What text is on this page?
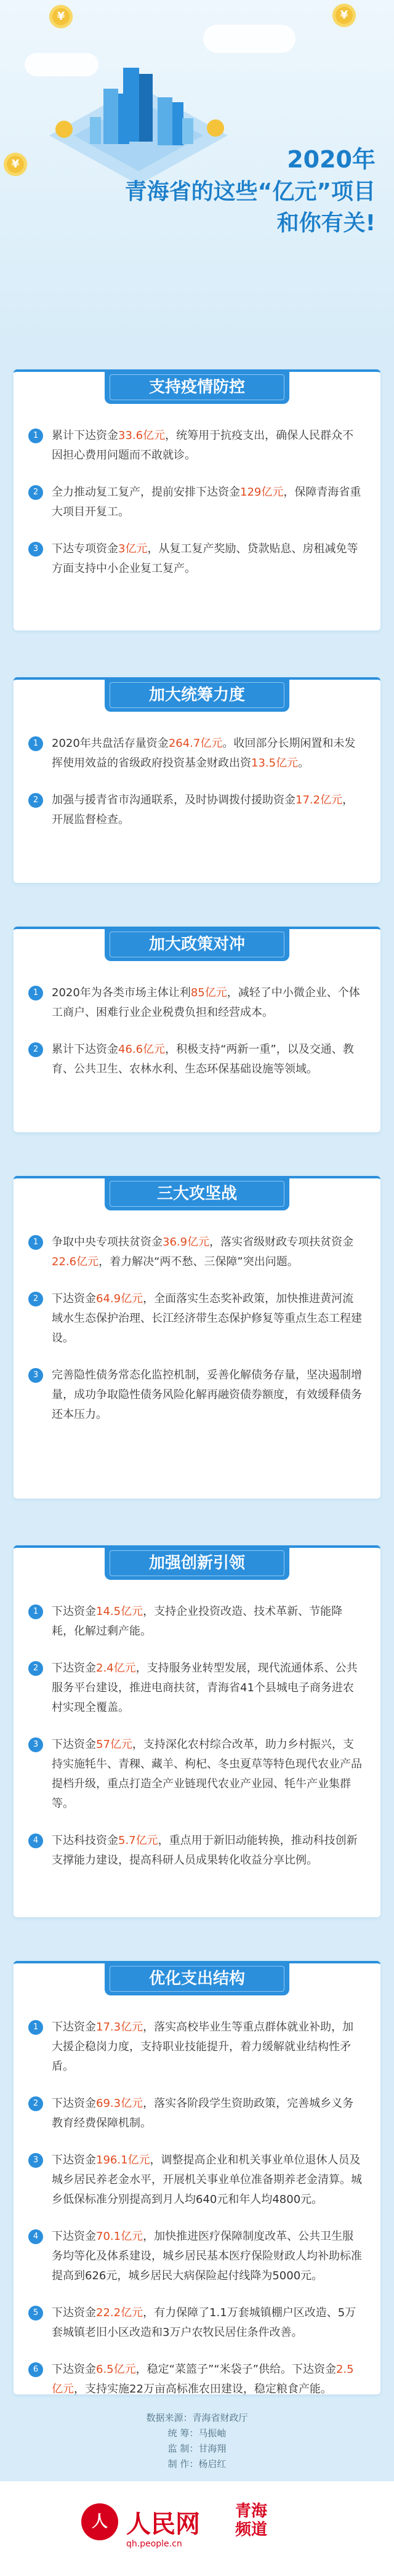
¥	¥
¥	2020年
青海省的这些“亿元”项目
和你有关!
支持疫情防控
1	累计下达资金33.6亿元，统筹用于抗疫支出，确保人民群众不因担心费用问题而不敢就诊。
2	全力推动复工复产，提前安排下达资金129亿元，保障青海省重大项目开复工。
3	下达专项资金3亿元，从复工复产奖励、贷款贴息、房租减免等方面支持中小企业复工复产。
加大统筹力度
1	2020年共盘活存量资金264.7亿元。收回部分长期闲置和未发挥使用效益的省级政府投资基金财政出资13.5亿元。
2	加强与援青省市沟通联系，及时协调拨付援助资金17.2亿元，开展监督检查。
加大政策对冲
1	2020年为各类市场主体让利85亿元，减轻了中小微企业、个体工商户、困难行业企业税费负担和经营成本。
2	累计下达资金46.6亿元，积极支持“两新一重”，以及交通、教育、公共卫生、农林水利、生态环保基础设施等领域。
三大攻坚战
1	争取中央专项扶贫资金36.9亿元，落实省级财政专项扶贫资金22.6亿元，着力解决“两不愁、三保障”突出问题。
2	下达资金64.9亿元，全面落实生态奖补政策，加快推进黄河流域水生态保护治理、长江经济带生态保护修复等重点生态工程建设。
3	完善隐性债务常态化监控机制，妥善化解债务存量，坚决遏制增量，成功争取隐性债务风险化解再融资债券额度，有效缓释债务还本压力。
加强创新引领
1	下达资金14.5亿元，支持企业投资改造、技术革新、节能降耗，化解过剩产能。
2	下达资金2.4亿元，支持服务业转型发展，现代流通体系、公共服务平台建设，推进电商扶贫，青海省41个县城电子商务进农村实现全覆盖。
3	下达资金57亿元，支持深化农村综合改革，助力乡村振兴，支持实施牦牛、青稞、藏羊、枸杞、冬虫夏草等特色现代农业产品提档升级，重点打造全产业链现代农业产业园、牦牛产业集群等。
4	下达科技资金5.7亿元，重点用于新旧动能转换，推动科技创新支撑能力建设，提高科研人员成果转化收益分享比例。
优化支出结构
1	下达资金17.3亿元，落实高校毕业生等重点群体就业补助，加大援企稳岗力度，支持职业技能提升，着力缓解就业结构性矛盾。
2	下达资金69.3亿元，落实各阶段学生资助政策，完善城乡义务教育经费保障机制。
3	下达资金196.1亿元，调整提高企业和机关事业单位退休人员及城乡居民养老金水平，开展机关事业单位准备期养老金清算。城乡低保标准分别提高到月人均640元和年人均4800元。
4	下达资金70.1亿元，加快推进医疗保障制度改革、公共卫生服务均等化及体系建设，城乡居民基本医疗保险财政人均补助标准提高到626元，城乡居民大病保险起付线降为5000元。
5	下达资金22.2亿元，有力保障了1.1万套城镇棚户区改造、5万套城镇老旧小区改造和3万户农牧民居住条件改善。
6	下达资金6.5亿元，稳定“菜篮子”“米袋子”供给。下达资金2.5亿元，支持实施22万亩高标准农田建设，稳定粮食产能。
数据来源：青海省财政厅
统 筹：马振岫
监 制：甘海翔
制 作：杨启红
人 人民网 青海
频道
qh.people.cn
